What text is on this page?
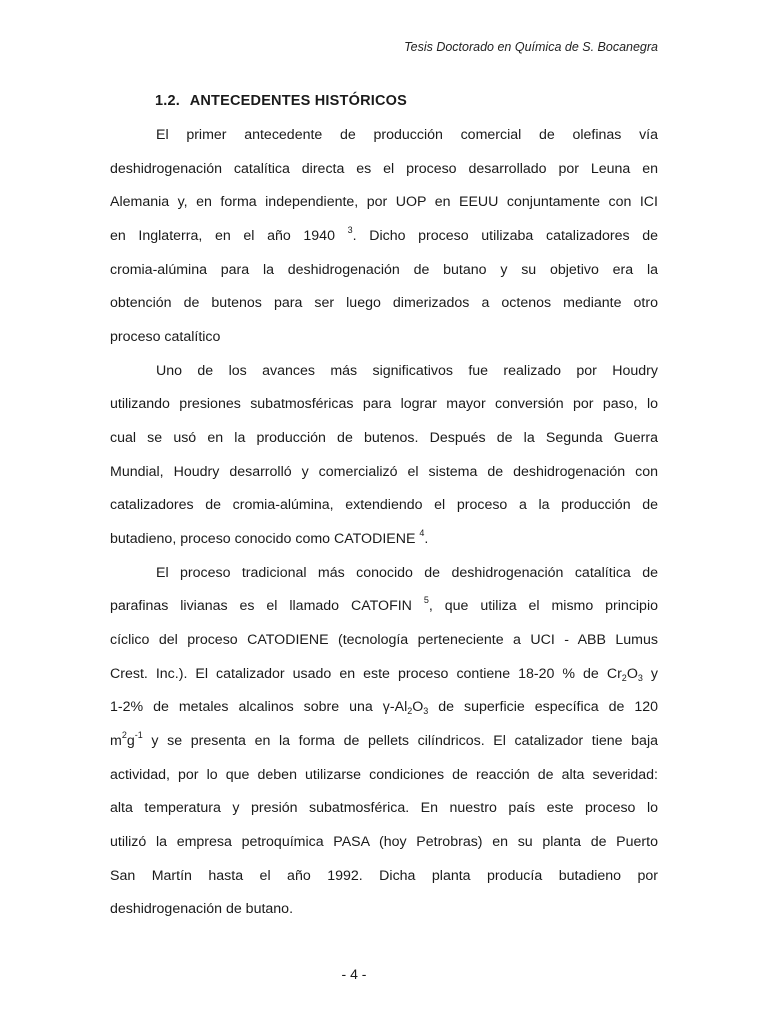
Tesis Doctorado en Química de S. Bocanegra
1.2. ANTECEDENTES HISTÓRICOS
El primer antecedente de producción comercial de olefinas vía
deshidrogenación catalítica directa es el proceso desarrollado por Leuna en
Alemania y, en forma independiente, por UOP en EEUU conjuntamente con ICI
en Inglaterra, en el año 1940 $^3$. Dicho proceso utilizaba catalizadores de
cromia-alúmina para la deshidrogenación de butano y su objetivo era la
obtención de butenos para ser luego dimerizados a octenos mediante otro
proceso catalítico
Uno de los avances más significativos fue realizado por Houdry
utilizando presiones subatmosféricas para lograr mayor conversión por paso, lo
cual se usó en la producción de butenos. Después de la Segunda Guerra
Mundial, Houdry desarrolló y comercializó el sistema de deshidrogenación con
catalizadores de cromia-alúmina, extendiendo el proceso a la producción de
butadieno, proceso conocido como CATODIENE $^4$.
El proceso tradicional más conocido de deshidrogenación catalítica de
parafinas livianas es el llamado CATOFIN $^5$, que utiliza el mismo principio
cíclico del proceso CATODIENE (tecnología perteneciente a UCI - ABB Lumus
Crest. Inc.). El catalizador usado en este proceso contiene 18-20 % de $Cr_2O_3$ y
1-2% de metales alcalinos sobre una $\gamma-Al_2O_3$ de superficie específica de 120
$m^2g^{-1}$ y se presenta en la forma de pellets cilíndricos. El catalizador tiene baja
actividad, por lo que deben utilizarse condiciones de reacción de alta severidad:
alta temperatura y presión subatmosférica. En nuestro país este proceso lo
utilizó la empresa petroquímica PASA (hoy Petrobras) en su planta de Puerto
San Martín hasta el año 1992. Dicha planta producía butadieno por
deshidrogenación de butano.
- 4 -
